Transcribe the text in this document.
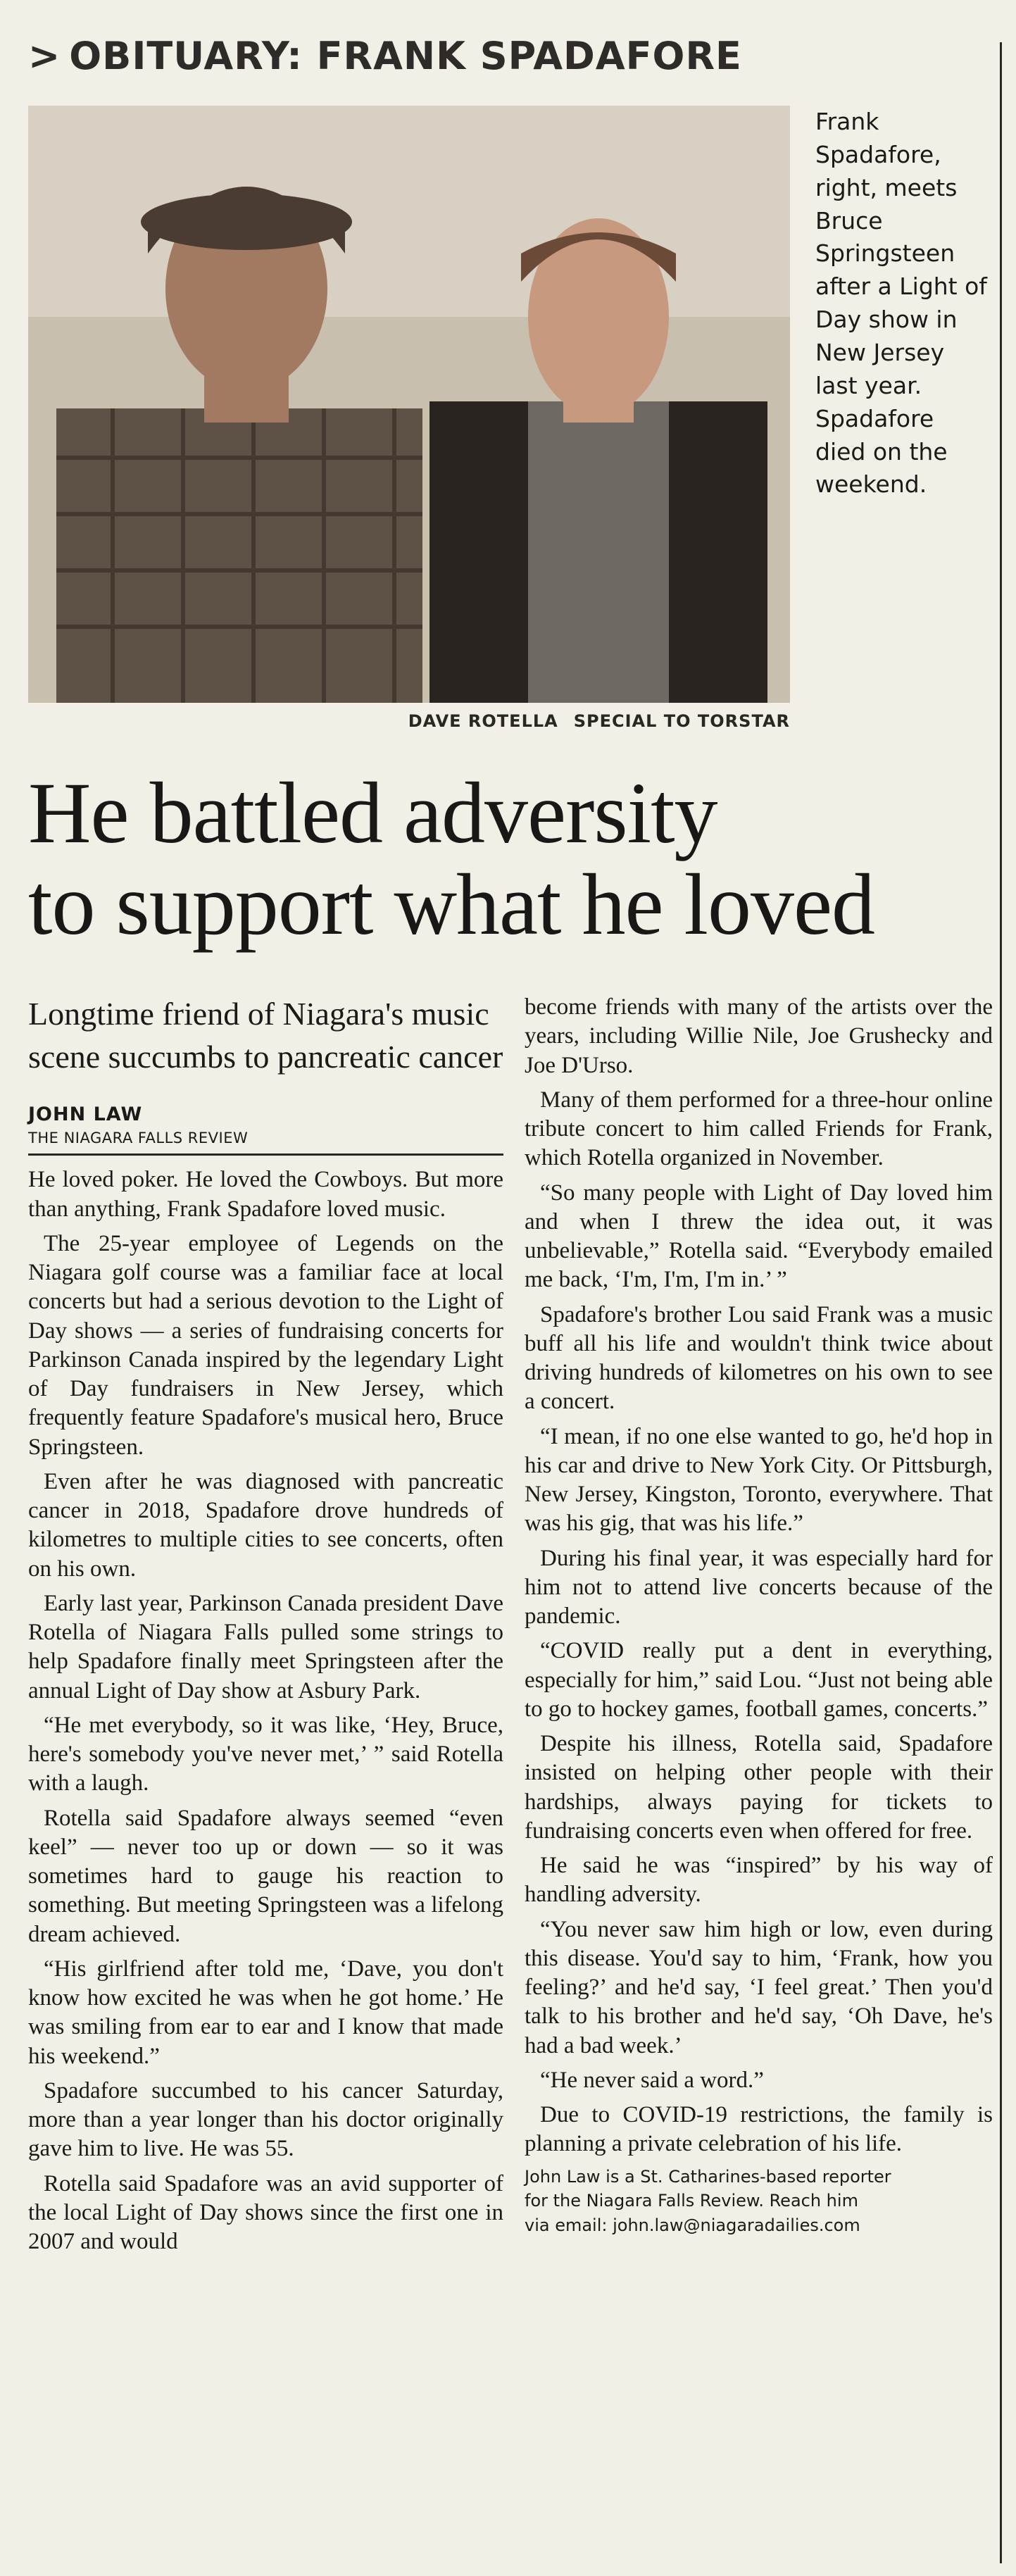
> OBITUARY: FRANK SPADAFORE
Frank Spadafore, right, meets Bruce Springsteen after a Light of Day show in New Jersey last year. Spadafore died on the weekend.
DAVE ROTELLA SPECIAL TO TORSTAR
He battled adversity
to support what he loved
Longtime friend of Niagara's music scene succumbs to pancreatic cancer
JOHN LAW
THE NIAGARA FALLS REVIEW

He loved poker. He loved the Cowboys. But more than anything, Frank Spadafore loved music.

The 25-year employee of Legends on the Niagara golf course was a familiar face at local concerts but had a serious devotion to the Light of Day shows — a series of fundraising concerts for Parkinson Canada inspired by the legendary Light of Day fundraisers in New Jersey, which frequently feature Spadafore's musical hero, Bruce Springsteen.

Even after he was diagnosed with pancreatic cancer in 2018, Spadafore drove hundreds of kilometres to multiple cities to see concerts, often on his own.

Early last year, Parkinson Canada president Dave Rotella of Niagara Falls pulled some strings to help Spadafore finally meet Springsteen after the annual Light of Day show at Asbury Park.

“He met everybody, so it was like, ‘Hey, Bruce, here's somebody you've never met,’ ” said Rotella with a laugh.

Rotella said Spadafore always seemed “even keel” — never too up or down — so it was sometimes hard to gauge his reaction to something. But meeting Springsteen was a lifelong dream achieved.

“His girlfriend after told me, ‘Dave, you don't know how excited he was when he got home.’ He was smiling from ear to ear and I know that made his weekend.”

Spadafore succumbed to his cancer Saturday, more than a year longer than his doctor originally gave him to live. He was 55.

Rotella said Spadafore was an avid supporter of the local Light of Day shows since the first one in 2007 and would

become friends with many of the artists over the years, including Willie Nile, Joe Grushecky and Joe D'Urso.

Many of them performed for a three-hour online tribute concert to him called Friends for Frank, which Rotella organized in November.

“So many people with Light of Day loved him and when I threw the idea out, it was unbelievable,” Rotella said. “Everybody emailed me back, ‘I'm, I'm, I'm in.’ ”

Spadafore's brother Lou said Frank was a music buff all his life and wouldn't think twice about driving hundreds of kilometres on his own to see a concert.

“I mean, if no one else wanted to go, he'd hop in his car and drive to New York City. Or Pittsburgh, New Jersey, Kingston, Toronto, everywhere. That was his gig, that was his life.”

During his final year, it was especially hard for him not to attend live concerts because of the pandemic.

“COVID really put a dent in everything, especially for him,” said Lou. “Just not being able to go to hockey games, football games, concerts.”

Despite his illness, Rotella said, Spadafore insisted on helping other people with their hardships, always paying for tickets to fundraising concerts even when offered for free.

He said he was “inspired” by his way of handling adversity.

“You never saw him high or low, even during this disease. You'd say to him, ‘Frank, how you feeling?’ and he'd say, ‘I feel great.’ Then you'd talk to his brother and he'd say, ‘Oh Dave, he's had a bad week.’

“He never said a word.”

Due to COVID-19 restrictions, the family is planning a private celebration of his life.

John Law is a St. Catharines-based reporter
for the Niagara Falls Review. Reach him
via email: john.law@niagaradailies.com
